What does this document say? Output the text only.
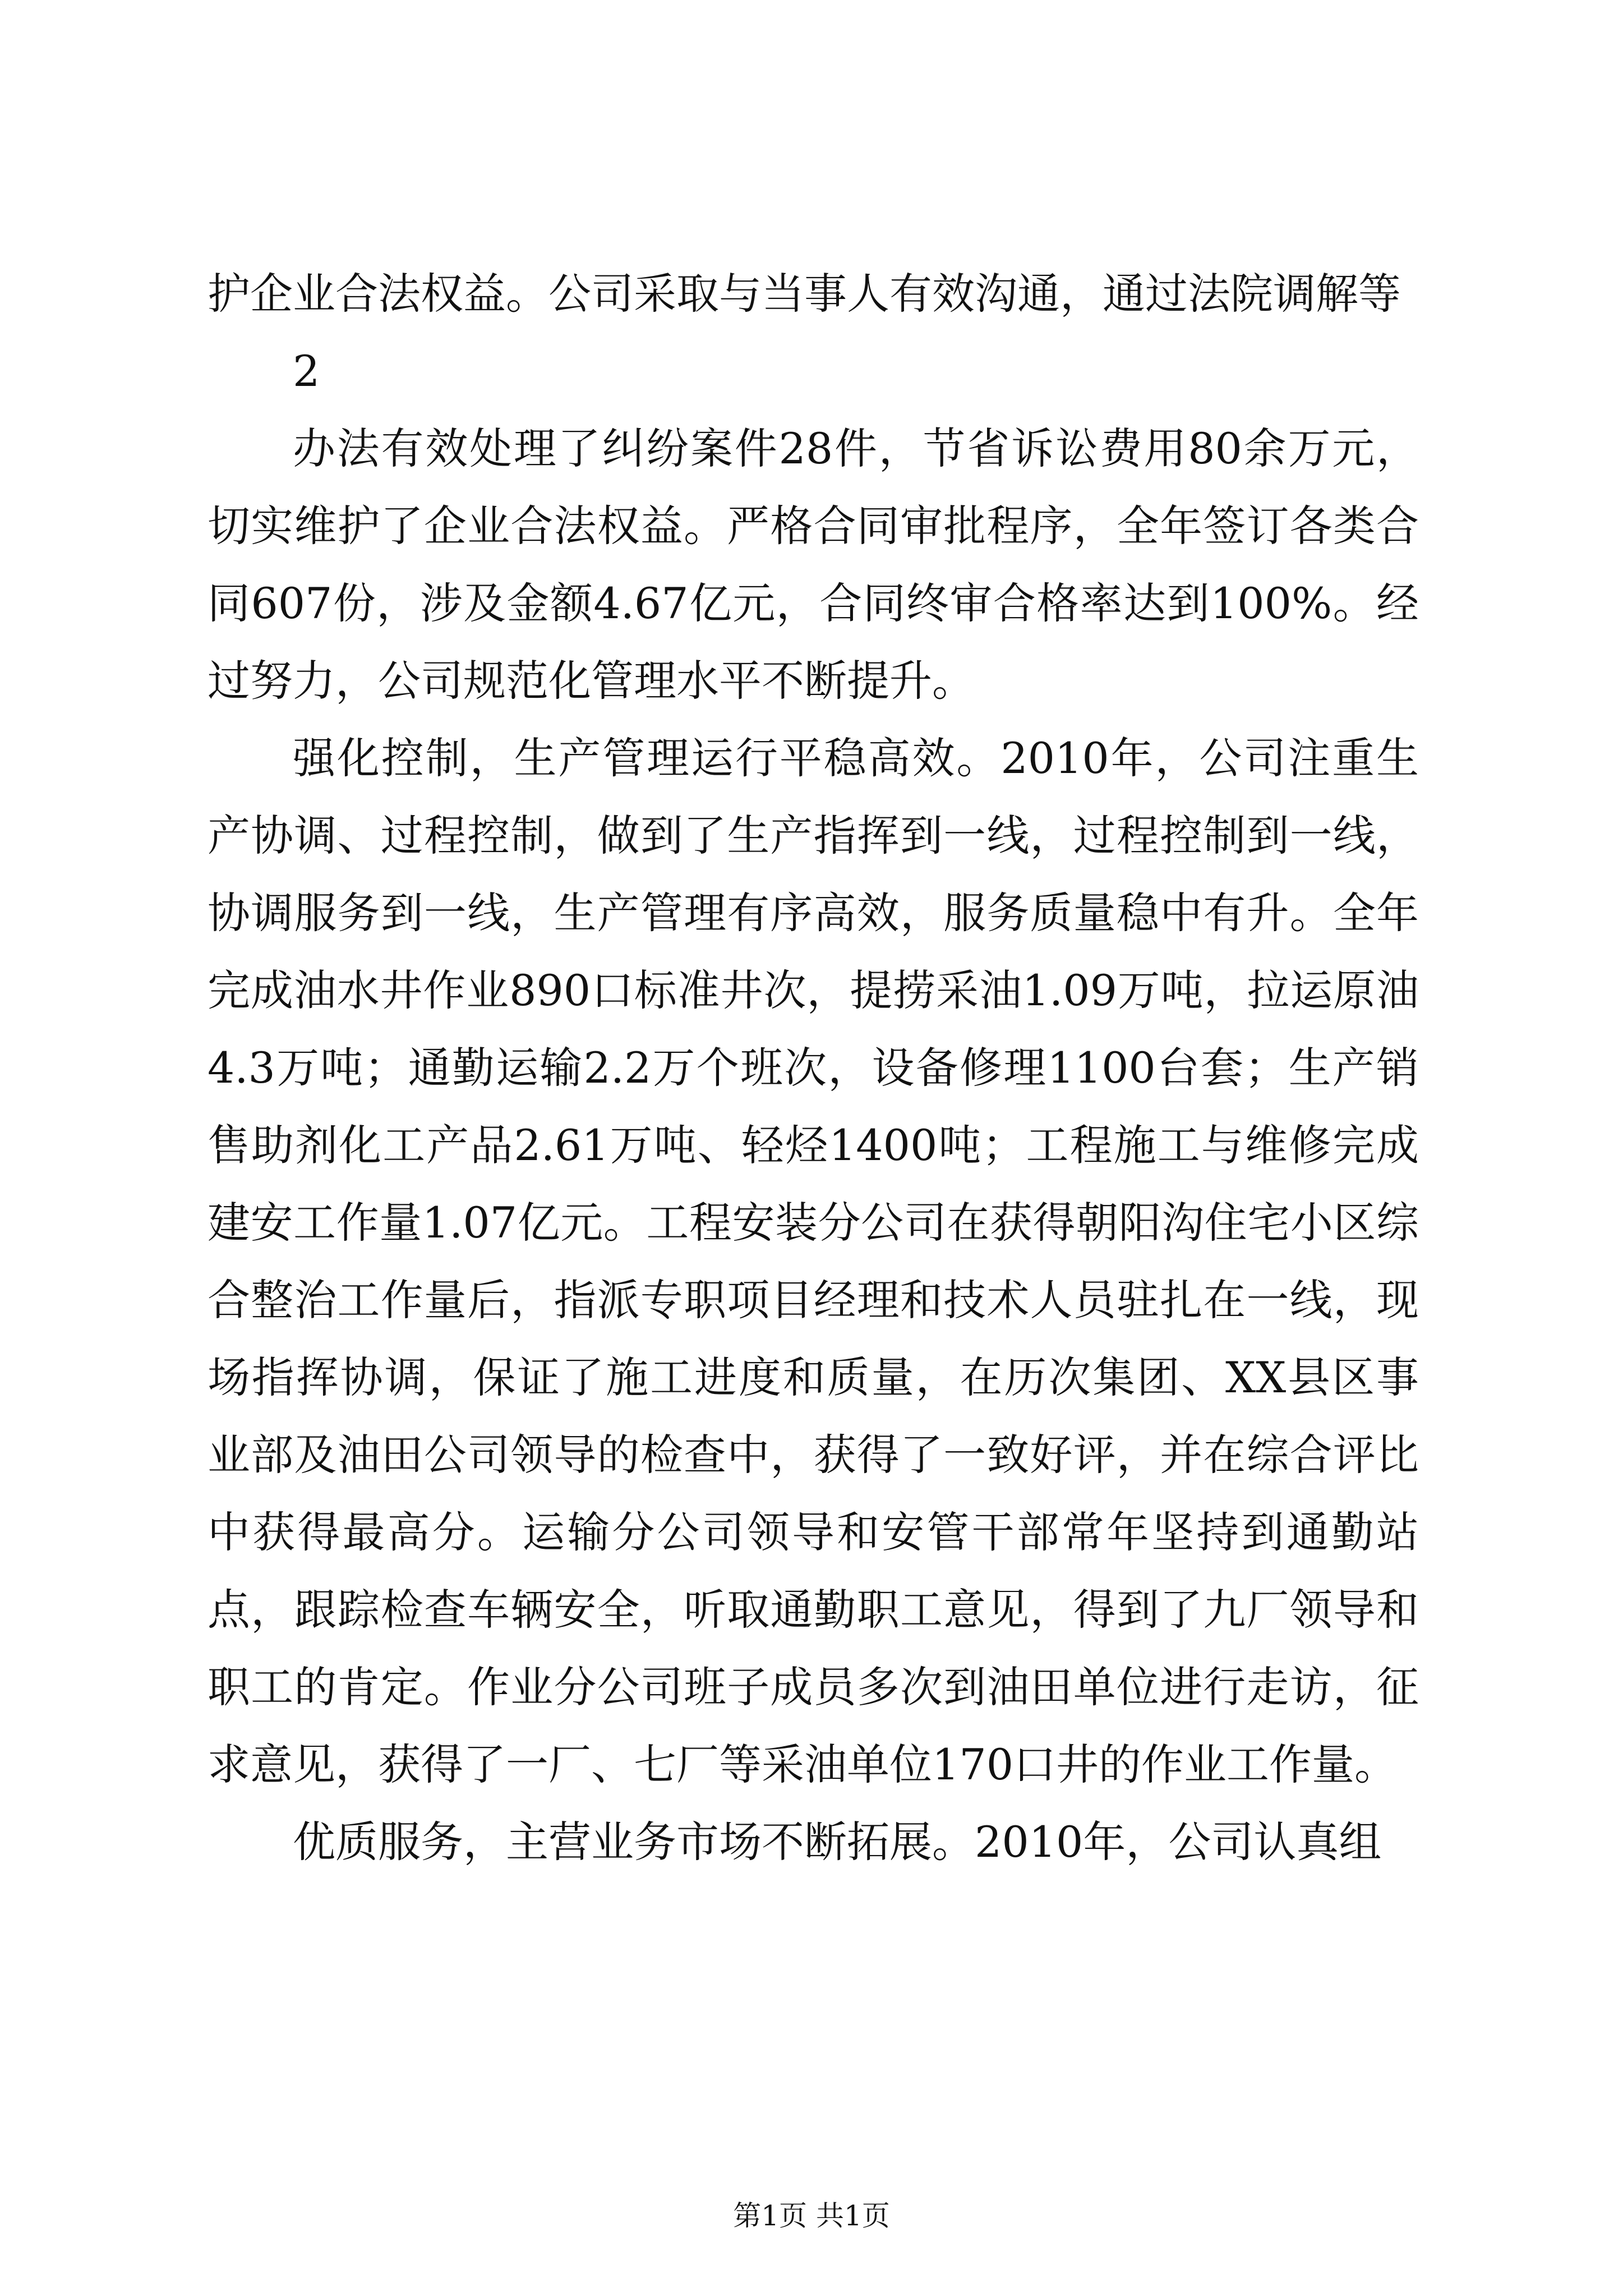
护企业合法权益。公司采取与当事人有效沟通，通过法院调解等

2

办法有效处理了纠纷案件28件，节省诉讼费用80余万元，切实维护了企业合法权益。严格合同审批程序，全年签订各类合同607份，涉及金额4.67亿元，合同终审合格率达到100%。经过努力，公司规范化管理水平不断提升。

强化控制，生产管理运行平稳高效。2010年，公司注重生产协调、过程控制，做到了生产指挥到一线，过程控制到一线，协调服务到一线，生产管理有序高效，服务质量稳中有升。全年完成油水井作业890口标准井次，提捞采油1.09万吨，拉运原油4.3万吨；通勤运输2.2万个班次，设备修理1100台套；生产销售助剂化工产品2.61万吨、轻烃1400吨；工程施工与维修完成建安工作量1.07亿元。工程安装分公司在获得朝阳沟住宅小区综合整治工作量后，指派专职项目经理和技术人员驻扎在一线，现场指挥协调，保证了施工进度和质量，在历次集团、XX县区事业部及油田公司领导的检查中，获得了一致好评，并在综合评比中获得最高分。运输分公司领导和安管干部常年坚持到通勤站点，跟踪检查车辆安全，听取通勤职工意见，得到了九厂领导和职工的肯定。作业分公司班子成员多次到油田单位进行走访，征求意见，获得了一厂、七厂等采油单位170口井的作业工作量。

优质服务，主营业务市场不断拓展。2010年，公司认真组

第1页 共1页
